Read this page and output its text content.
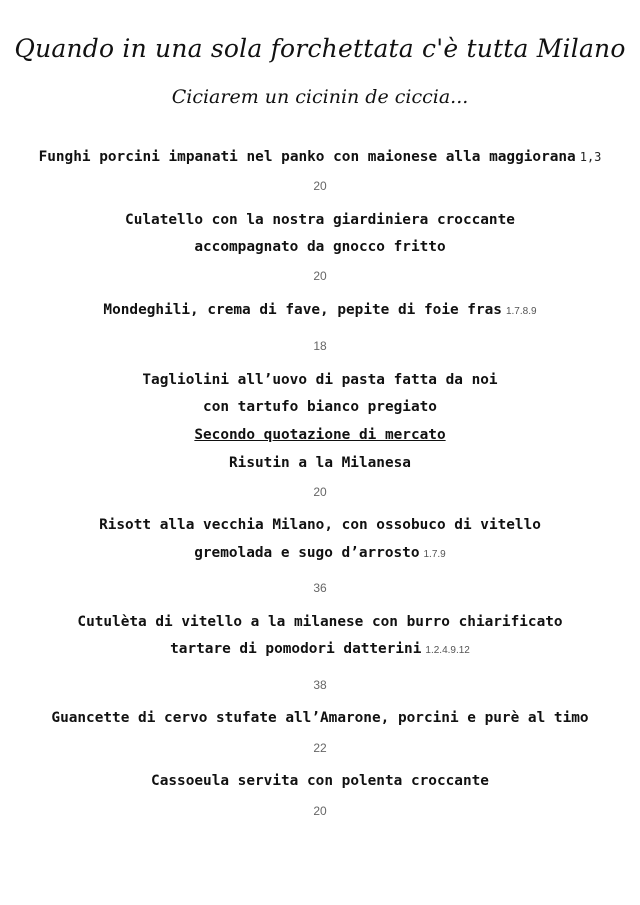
Quando in una sola forchettata c'è tutta Milano
Ciciarem un cicinin de ciccia...
Funghi porcini impanati nel panko con maionese alla maggiorana 1,3
20
Culatello con la nostra giardiniera croccante
accompagnato da gnocco fritto
20
Mondeghili, crema di fave, pepite di foie fras 1.7.8.9
18
Tagliolini all’uovo di pasta fatta da noi
con tartufo bianco pregiato
Secondo quotazione di mercato
Risutin a la Milanesa
20
Risott alla vecchia Milano, con ossobuco di vitello
gremolada e sugo d’arrosto 1.7.9
36
Cutulèta di vitello a la milanese con burro chiarificato
tartare di pomodori datterini 1.2.4.9.12
38
Guancette di cervo stufate all’Amarone, porcini e purè al timo
22
Cassoeula servita con polenta croccante
20
